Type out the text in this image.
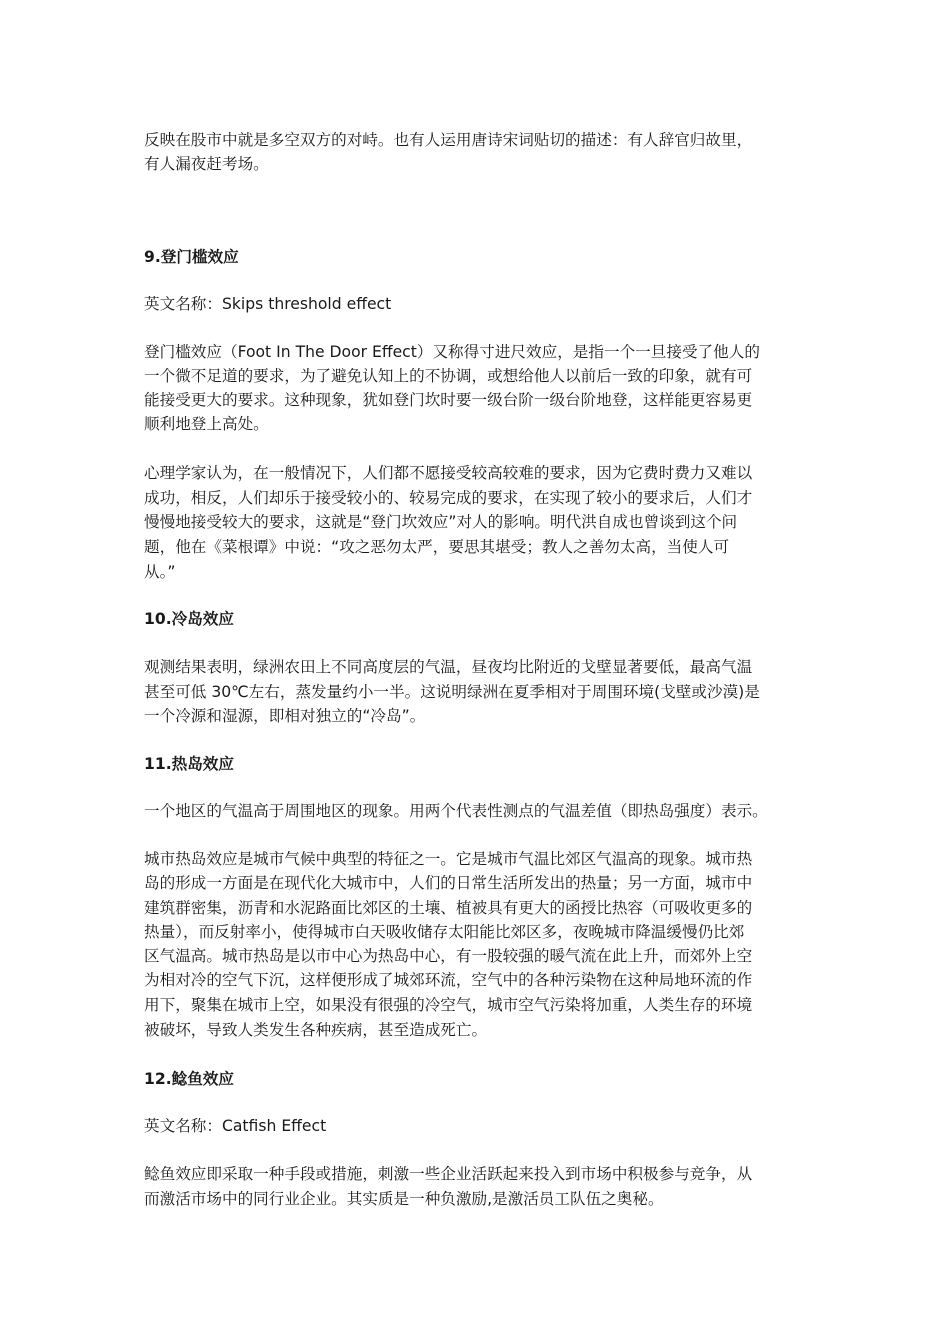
反映在股市中就是多空双方的对峙。也有人运用唐诗宋词贴切的描述：有人辞官归故里，
有人漏夜赶考场。
9.登门槛效应
英文名称：Skips threshold effect
登门槛效应（Foot In The Door Effect）又称得寸进尺效应，是指一个一旦接受了他人的
一个微不足道的要求，为了避免认知上的不协调，或想给他人以前后一致的印象，就有可
能接受更大的要求。这种现象，犹如登门坎时要一级台阶一级台阶地登，这样能更容易更
顺利地登上高处。
心理学家认为，在一般情况下，人们都不愿接受较高较难的要求，因为它费时费力又难以
成功，相反，人们却乐于接受较小的、较易完成的要求，在实现了较小的要求后，人们才
慢慢地接受较大的要求，这就是“登门坎效应”对人的影响。明代洪自成也曾谈到这个问
题，他在《菜根谭》中说：“攻之恶勿太严，要思其堪受；教人之善勿太高，当使人可
从。”
10.冷岛效应
观测结果表明，绿洲农田上不同高度层的气温，昼夜均比附近的戈壁显著要低，最高气温
甚至可低 30℃左右，蒸发量约小一半。这说明绿洲在夏季相对于周围环境(戈壁或沙漠)是
一个冷源和湿源，即相对独立的“冷岛”。
11.热岛效应
一个地区的气温高于周围地区的现象。用两个代表性测点的气温差值（即热岛强度）表示。
城市热岛效应是城市气候中典型的特征之一。它是城市气温比郊区气温高的现象。城市热
岛的形成一方面是在现代化大城市中，人们的日常生活所发出的热量；另一方面，城市中
建筑群密集，沥青和水泥路面比郊区的土壤、植被具有更大的函授比热容（可吸收更多的
热量），而反射率小，使得城市白天吸收储存太阳能比郊区多，夜晚城市降温缓慢仍比郊
区气温高。城市热岛是以市中心为热岛中心，有一股较强的暖气流在此上升，而郊外上空
为相对冷的空气下沉，这样便形成了城郊环流，空气中的各种污染物在这种局地环流的作
用下，聚集在城市上空，如果没有很强的冷空气，城市空气污染将加重，人类生存的环境
被破坏，导致人类发生各种疾病，甚至造成死亡。
12.鲶鱼效应
英文名称：Catfish Effect
鲶鱼效应即采取一种手段或措施，刺激一些企业活跃起来投入到市场中积极参与竞争，从
而激活市场中的同行业企业。其实质是一种负激励,是激活员工队伍之奥秘。
